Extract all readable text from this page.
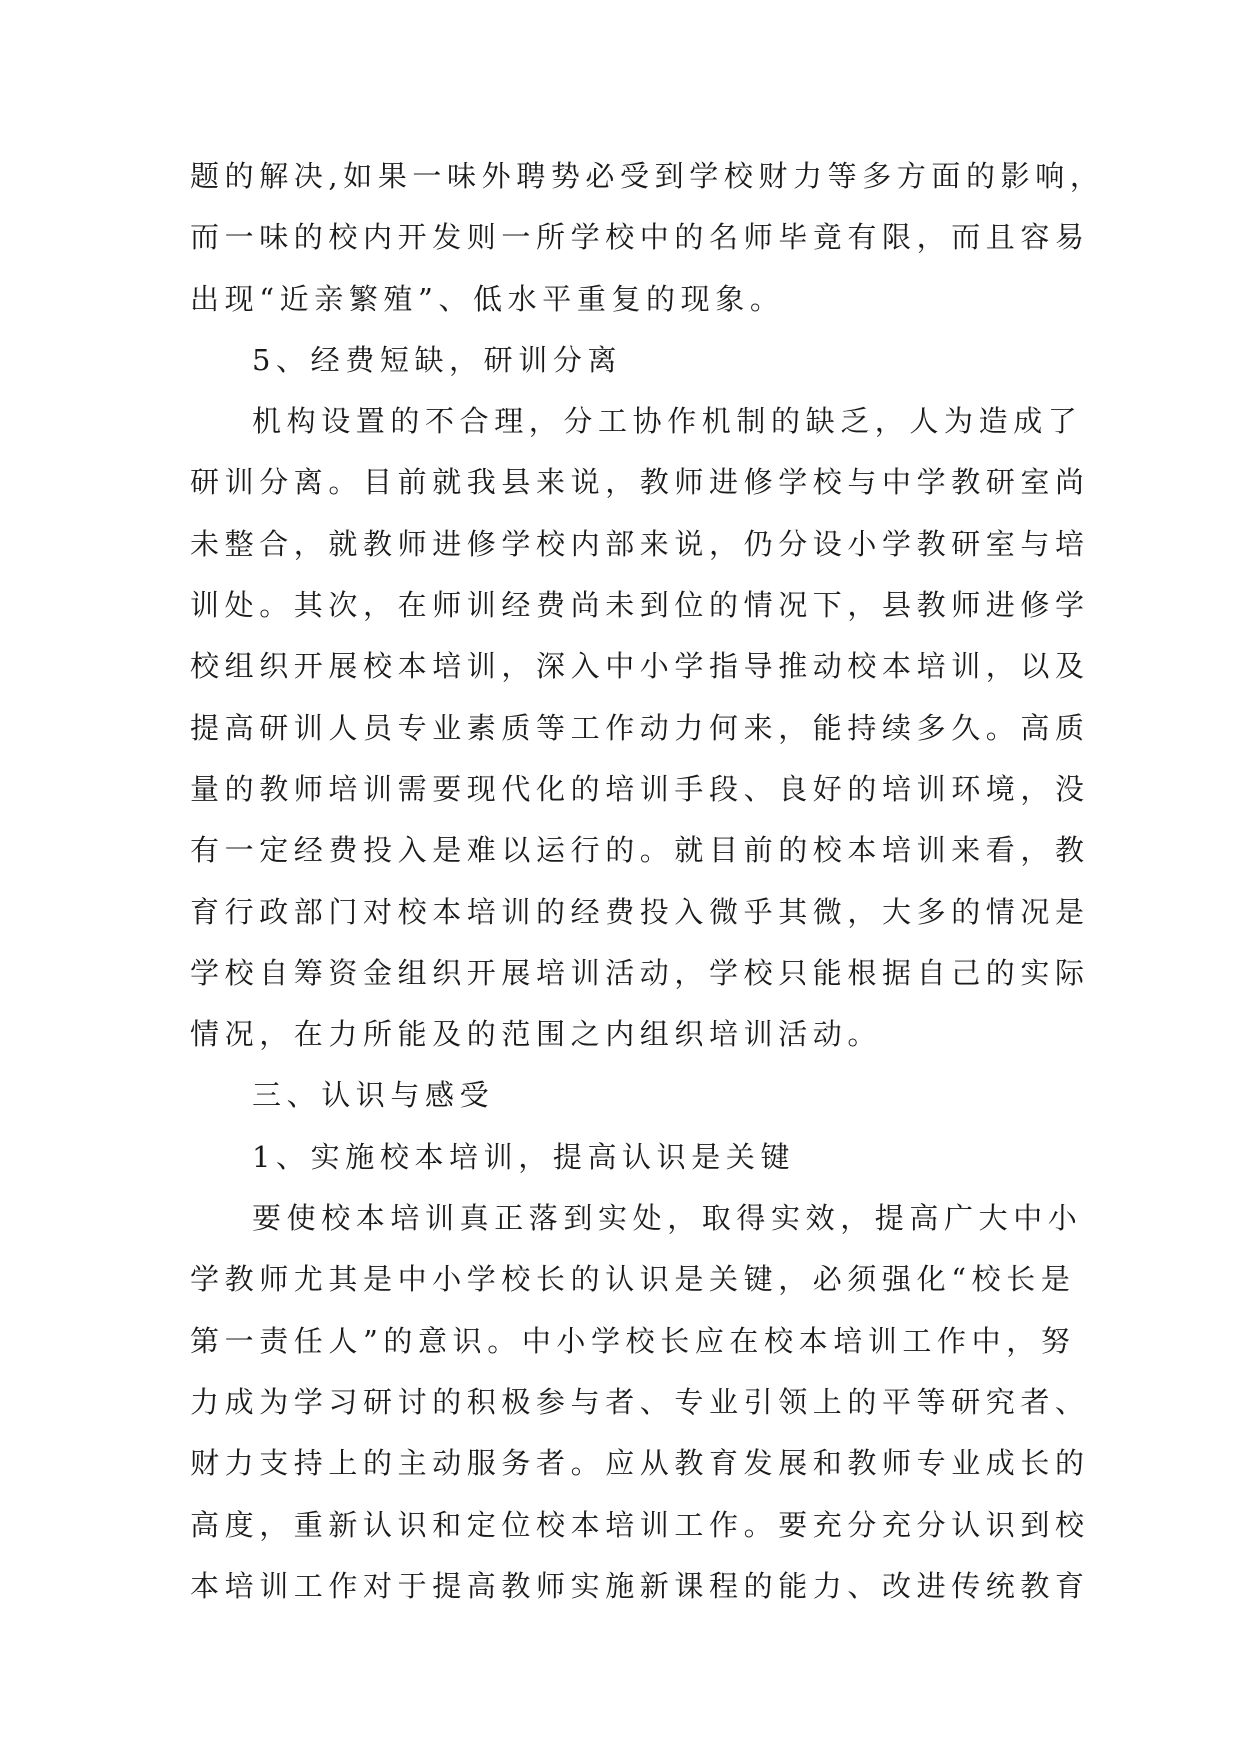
题的解决,如果一味外聘势必受到学校财力等多方面的影响，
而一味的校内开发则一所学校中的名师毕竟有限，而且容易
出现“近亲繁殖”、低水平重复的现象。
5、经费短缺，研训分离
机构设置的不合理，分工协作机制的缺乏，人为造成了
研训分离。目前就我县来说，教师进修学校与中学教研室尚
未整合，就教师进修学校内部来说，仍分设小学教研室与培
训处。其次，在师训经费尚未到位的情况下，县教师进修学
校组织开展校本培训，深入中小学指导推动校本培训，以及
提高研训人员专业素质等工作动力何来，能持续多久。高质
量的教师培训需要现代化的培训手段、良好的培训环境，没
有一定经费投入是难以运行的。就目前的校本培训来看，教
育行政部门对校本培训的经费投入微乎其微，大多的情况是
学校自筹资金组织开展培训活动，学校只能根据自己的实际
情况，在力所能及的范围之内组织培训活动。
三、认识与感受
1、实施校本培训，提高认识是关键
要使校本培训真正落到实处，取得实效，提高广大中小
学教师尤其是中小学校长的认识是关键，必须强化“校长是
第一责任人”的意识。中小学校长应在校本培训工作中，努
力成为学习研讨的积极参与者、专业引领上的平等研究者、
财力支持上的主动服务者。应从教育发展和教师专业成长的
高度，重新认识和定位校本培训工作。要充分充分认识到校
本培训工作对于提高教师实施新课程的能力、改进传统教育
